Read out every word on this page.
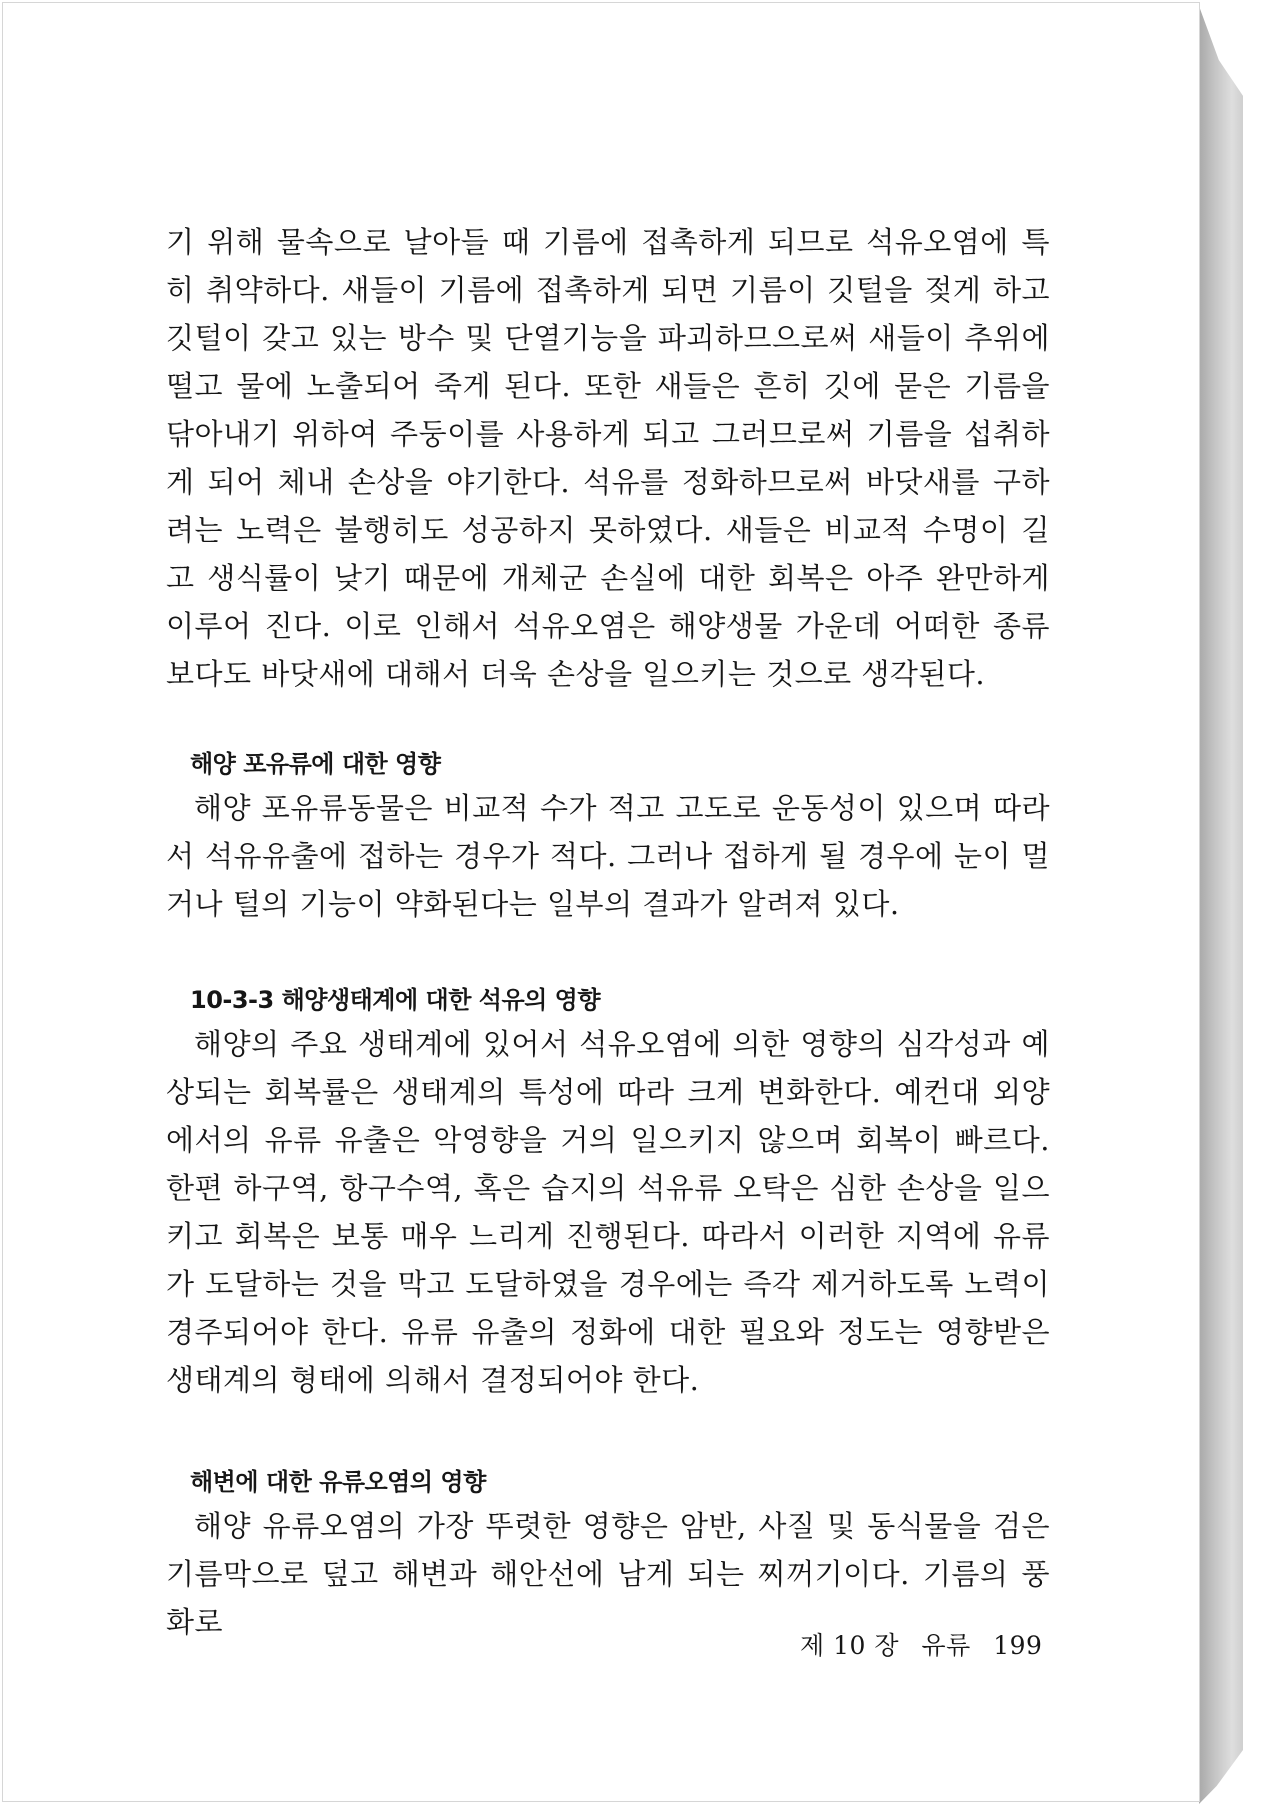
기 위해 물속으로 날아들 때 기름에 접촉하게 되므로 석유오염에 특히 취약하다. 새들이 기름에 접촉하게 되면 기름이 깃털을 젖게 하고 깃털이 갖고 있는 방수 및 단열기능을 파괴하므으로써 새들이 추위에 떨고 물에 노출되어 죽게 된다. 또한 새들은 흔히 깃에 묻은 기름을 닦아내기 위하여 주둥이를 사용하게 되고 그러므로써 기름을 섭취하게 되어 체내 손상을 야기한다. 석유를 정화하므로써 바닷새를 구하려는 노력은 불행히도 성공하지 못하였다. 새들은 비교적 수명이 길고 생식률이 낮기 때문에 개체군 손실에 대한 회복은 아주 완만하게 이루어 진다. 이로 인해서 석유오염은 해양생물 가운데 어떠한 종류보다도 바닷새에 대해서 더욱 손상을 일으키는 것으로 생각된다.

해양 포유류에 대한 영향

해양 포유류동물은 비교적 수가 적고 고도로 운동성이 있으며 따라서 석유유출에 접하는 경우가 적다. 그러나 접하게 될 경우에 눈이 멀거나 털의 기능이 약화된다는 일부의 결과가 알려져 있다.

10-3-3 해양생태계에 대한 석유의 영향

해양의 주요 생태계에 있어서 석유오염에 의한 영향의 심각성과 예상되는 회복률은 생태계의 특성에 따라 크게 변화한다. 예컨대 외양에서의 유류 유출은 악영향을 거의 일으키지 않으며 회복이 빠르다. 한편 하구역, 항구수역, 혹은 습지의 석유류 오탁은 심한 손상을 일으키고 회복은 보통 매우 느리게 진행된다. 따라서 이러한 지역에 유류가 도달하는 것을 막고 도달하였을 경우에는 즉각 제거하도록 노력이 경주되어야 한다. 유류 유출의 정화에 대한 필요와 정도는 영향받은 생태계의 형태에 의해서 결정되어야 한다.

해변에 대한 유류오염의 영향

해양 유류오염의 가장 뚜렷한 영향은 암반, 사질 및 동식물을 검은 기름막으로 덮고 해변과 해안선에 남게 되는 찌꺼기이다. 기름의 풍화로

제 10 장 유류 199
